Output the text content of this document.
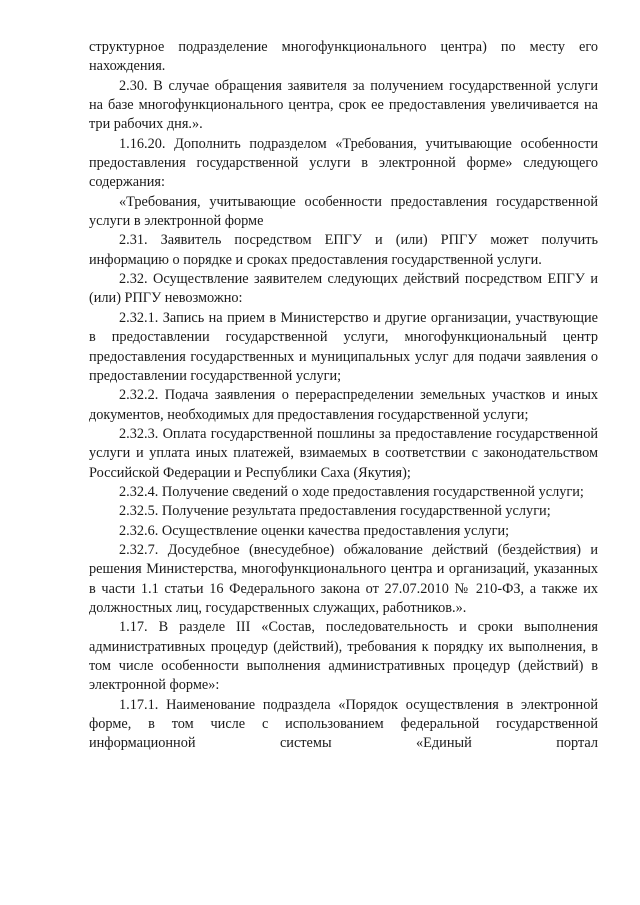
структурное подразделение многофункционального центра) по месту его нахождения.

2.30. В случае обращения заявителя за получением государственной услуги на базе многофункционального центра, срок ее предоставления увеличивается на три рабочих дня.».

1.16.20. Дополнить подразделом «Требования, учитывающие особенности предоставления государственной услуги в электронной форме» следующего содержания:

«Требования, учитывающие особенности предоставления государственной услуги в электронной форме

2.31. Заявитель посредством ЕПГУ и (или) РПГУ может получить информацию о порядке и сроках предоставления государственной услуги.

2.32. Осуществление заявителем следующих действий посредством ЕПГУ и (или) РПГУ невозможно:

2.32.1. Запись на прием в Министерство и другие организации, участвующие в предоставлении государственной услуги, многофункциональный центр предоставления государственных и муниципальных услуг для подачи заявления о предоставлении государственной услуги;

2.32.2. Подача заявления о перераспределении земельных участков и иных документов, необходимых для предоставления государственной услуги;

2.32.3. Оплата государственной пошлины за предоставление государственной услуги и уплата иных платежей, взимаемых в соответствии с законодательством Российской Федерации и Республики Саха (Якутия);

2.32.4. Получение сведений о ходе предоставления государственной услуги;

2.32.5. Получение результата предоставления государственной услуги;

2.32.6. Осуществление оценки качества предоставления услуги;

2.32.7. Досудебное (внесудебное) обжалование действий (бездействия) и решения Министерства, многофункционального центра и организаций, указанных в части 1.1 статьи 16 Федерального закона от 27.07.2010 № 210-ФЗ, а также их должностных лиц, государственных служащих, работников.».

1.17. В разделе III «Состав, последовательность и сроки выполнения административных процедур (действий), требования к порядку их выполнения, в том числе особенности выполнения административных процедур (действий) в электронной форме»:

1.17.1. Наименование подраздела «Порядок осуществления в электронной форме, в том числе с использованием федеральной государственной информационной системы «Единый портал
